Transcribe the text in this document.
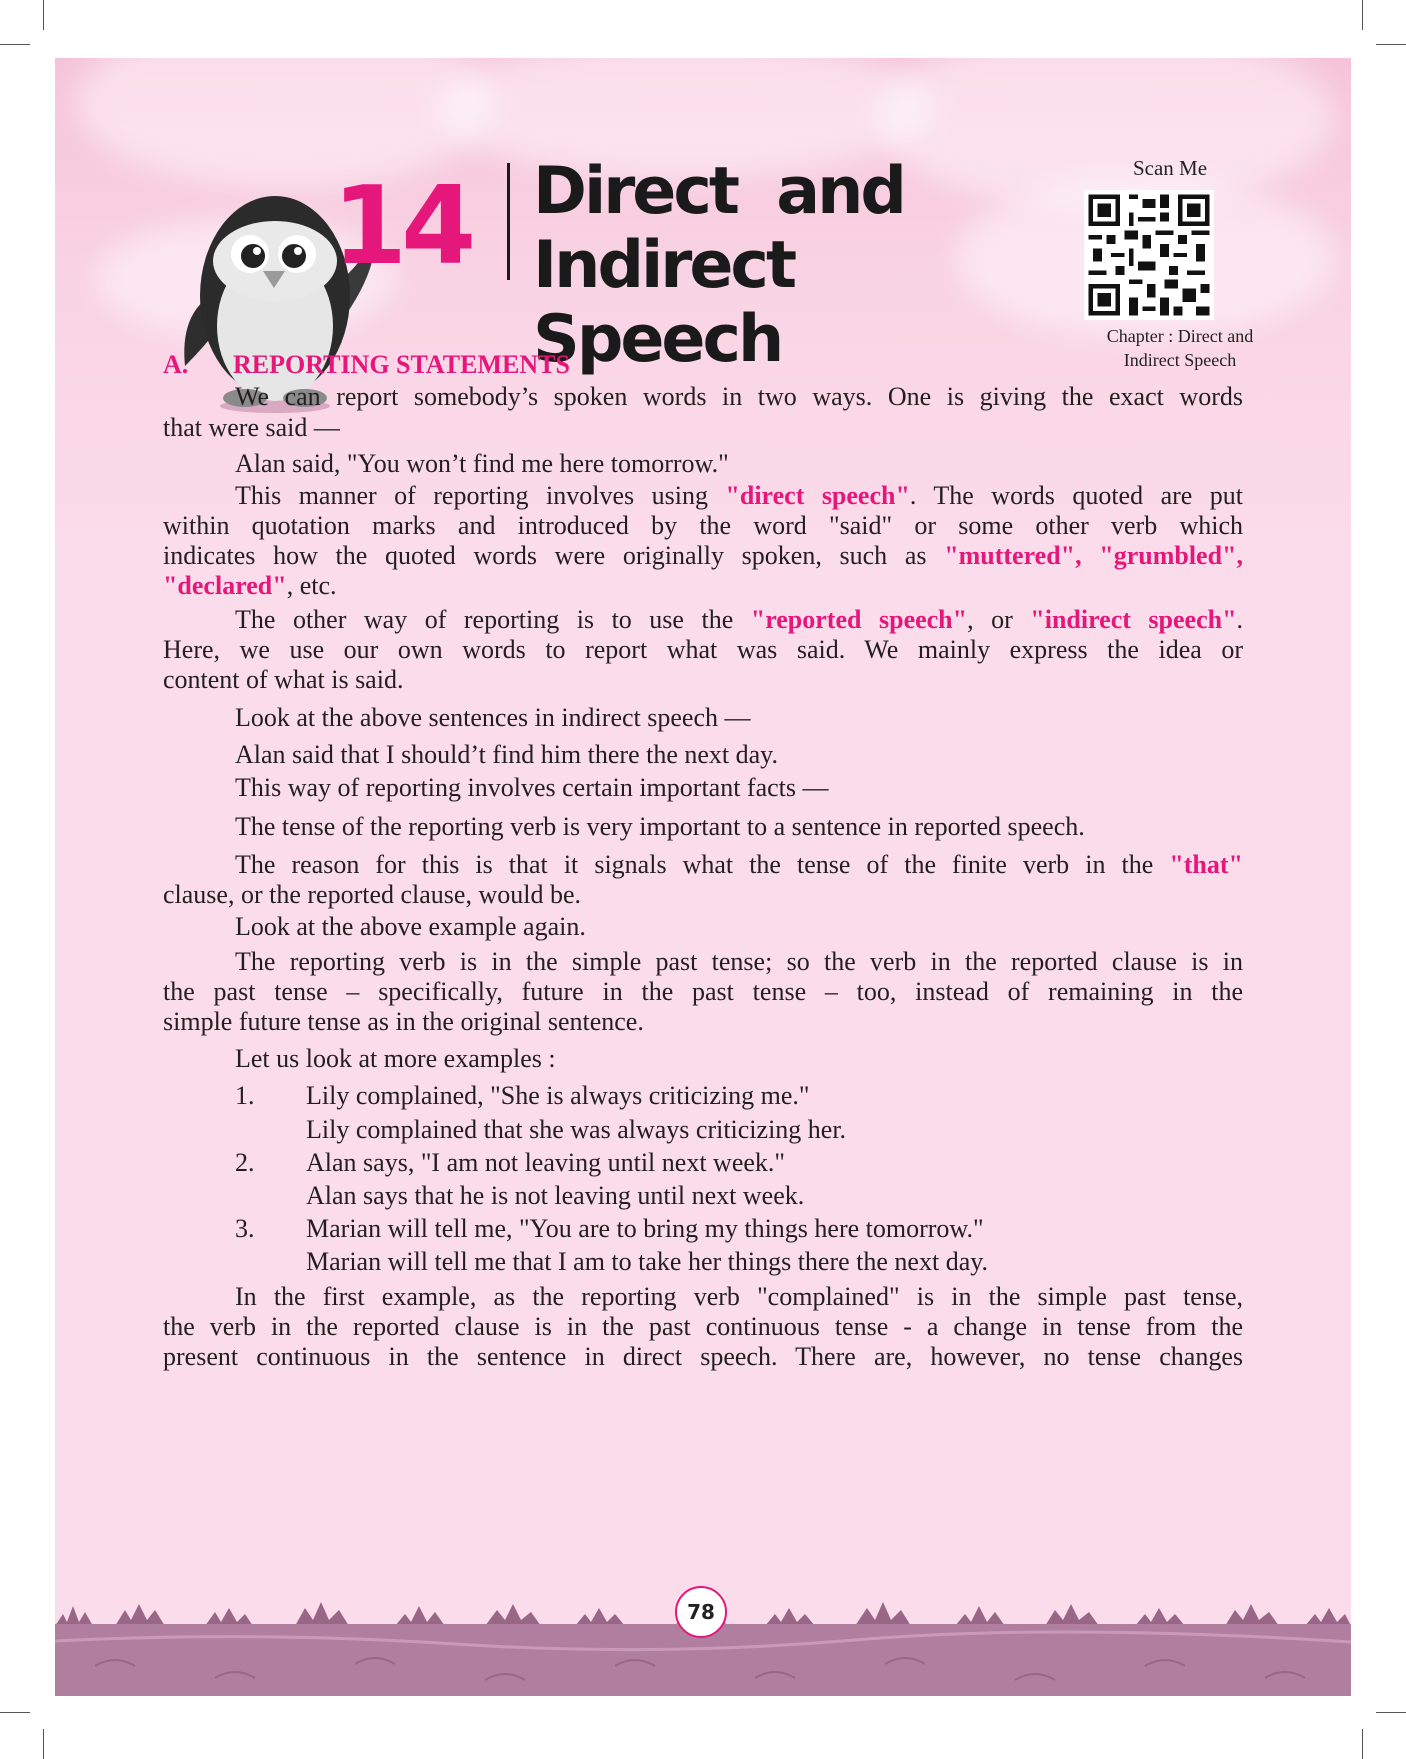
14 Direct  and
Indirect Speech
Scan Me
Chapter : Direct and
Indirect Speech
A. REPORTING STATEMENTS
We can report somebody’s spoken words in two ways. One is giving the exact words
that were said —
Alan said, "You won’t find me here tomorrow."
This manner of reporting involves using "direct speech". The words quoted are put
within quotation marks and introduced by the word "said" or some other verb which
indicates how the quoted words were originally spoken, such as "muttered", "grumbled",
"declared", etc.
The other way of reporting is to use the "reported speech", or "indirect speech".
Here, we use our own words to report what was said. We mainly express the idea or
content of what is said.
Look at the above sentences in indirect speech —
Alan said that I should’t find him there the next day.
This way of reporting involves certain important facts —
The tense of the reporting verb is very important to a sentence in reported speech.
The reason for this is that it signals what the tense of the finite verb in the "that"
clause, or the reported clause, would be.
Look at the above example again.
The reporting verb is in the simple past tense; so the verb in the reported clause is in
the past tense – specifically, future in the past tense – too, instead of remaining in the
simple future tense as in the original sentence.
Let us look at more examples :
1.	Lily complained, "She is always criticizing me."
Lily complained that she was always criticizing her.
2.	Alan says, "I am not leaving until next week."
Alan says that he is not leaving until next week.
3.	Marian will tell me, "You are to bring my things here tomorrow."
Marian will tell me that I am to take her things there the next day.
In the first example, as the reporting verb "complained" is in the simple past tense,
the verb in the reported clause is in the past continuous tense - a change in tense from the
present continuous in the sentence in direct speech. There are, however, no tense changes
78
